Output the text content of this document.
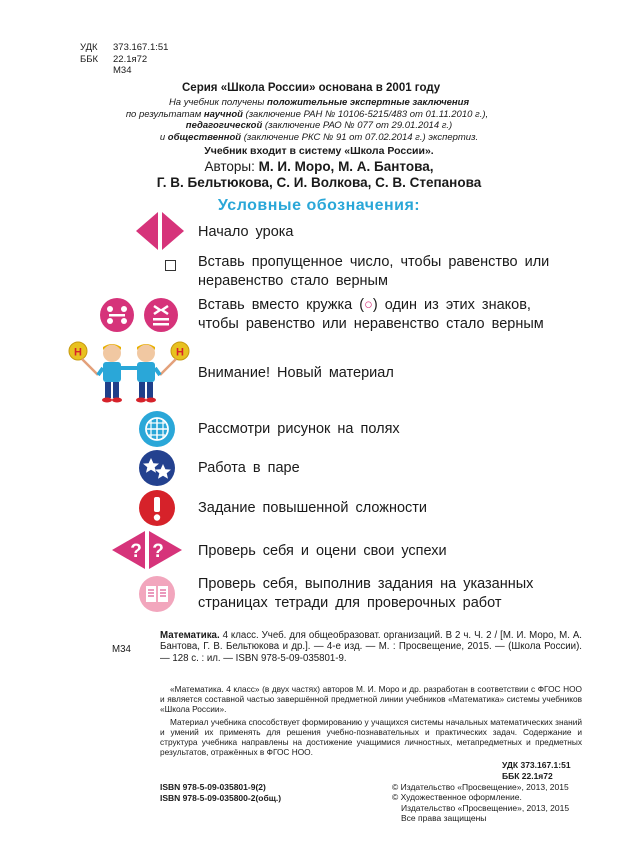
УДК 373.167.1:51
ББК 22.1я72
М34
Серия «Школа России» основана в 2001 году
На учебник получены положительные экспертные заключения
по результатам научной (заключение РАН № 10106-5215/483 от 01.11.2010 г.),
педагогической (заключение РАО № 077 от 29.01.2014 г.)
и общественной (заключение РКС № 91 от 07.02.2014 г.) экспертиз.
Учебник входит в систему «Школа России».
Авторы: М. И. Моро, М. А. Бантова,
Г. В. Бельтюкова, С. И. Волкова, С. В. Степанова
Условные обозначения:
Начало урока
Вставь пропущенное число, чтобы равенство или
неравенство стало верным
Вставь вместо кружка (○) один из этих знаков,
чтобы равенство или неравенство стало верным
Н	Н
Внимание! Новый материал
Рассмотри рисунок на полях
Работа в паре
Задание повышенной сложности
? ? Проверь себя и оцени свои успехи
Проверь себя, выполнив задания на указанных
страницах тетради для проверочных работ
М34
Математика. 4 класс. Учеб. для общеобразоват. организаций. В 2 ч. Ч. 2 / [М. И. Моро, М. А. Бантова, Г. В. Бельтюкова и др.]. — 4-е изд. — М. : Просвещение, 2015. — (Школа России). — 128 с. : ил. — ISBN 978-5-09-035801-9.
«Математика. 4 класс» (в двух частях) авторов М. И. Моро и др. разработан в соответствии с ФГОС НОО и является составной частью завершённой предметной линии учебников «Математика» системы учебников «Школа России».
Материал учебника способствует формированию у учащихся системы начальных математических знаний и умений их применять для решения учебно-познавательных и практических задач. Содержание и структура учебника направлены на достижение учащимися личностных, метапредметных и предметных результатов, отражённых в ФГОС НОО.
УДК 373.167.1:51
ББК 22.1я72
ISBN 978-5-09-035801-9(2)
ISBN 978-5-09-035800-2(общ.)
© Издательство «Просвещение», 2013, 2015
© Художественное оформление.
Издательство «Просвещение», 2013, 2015
Все права защищены
